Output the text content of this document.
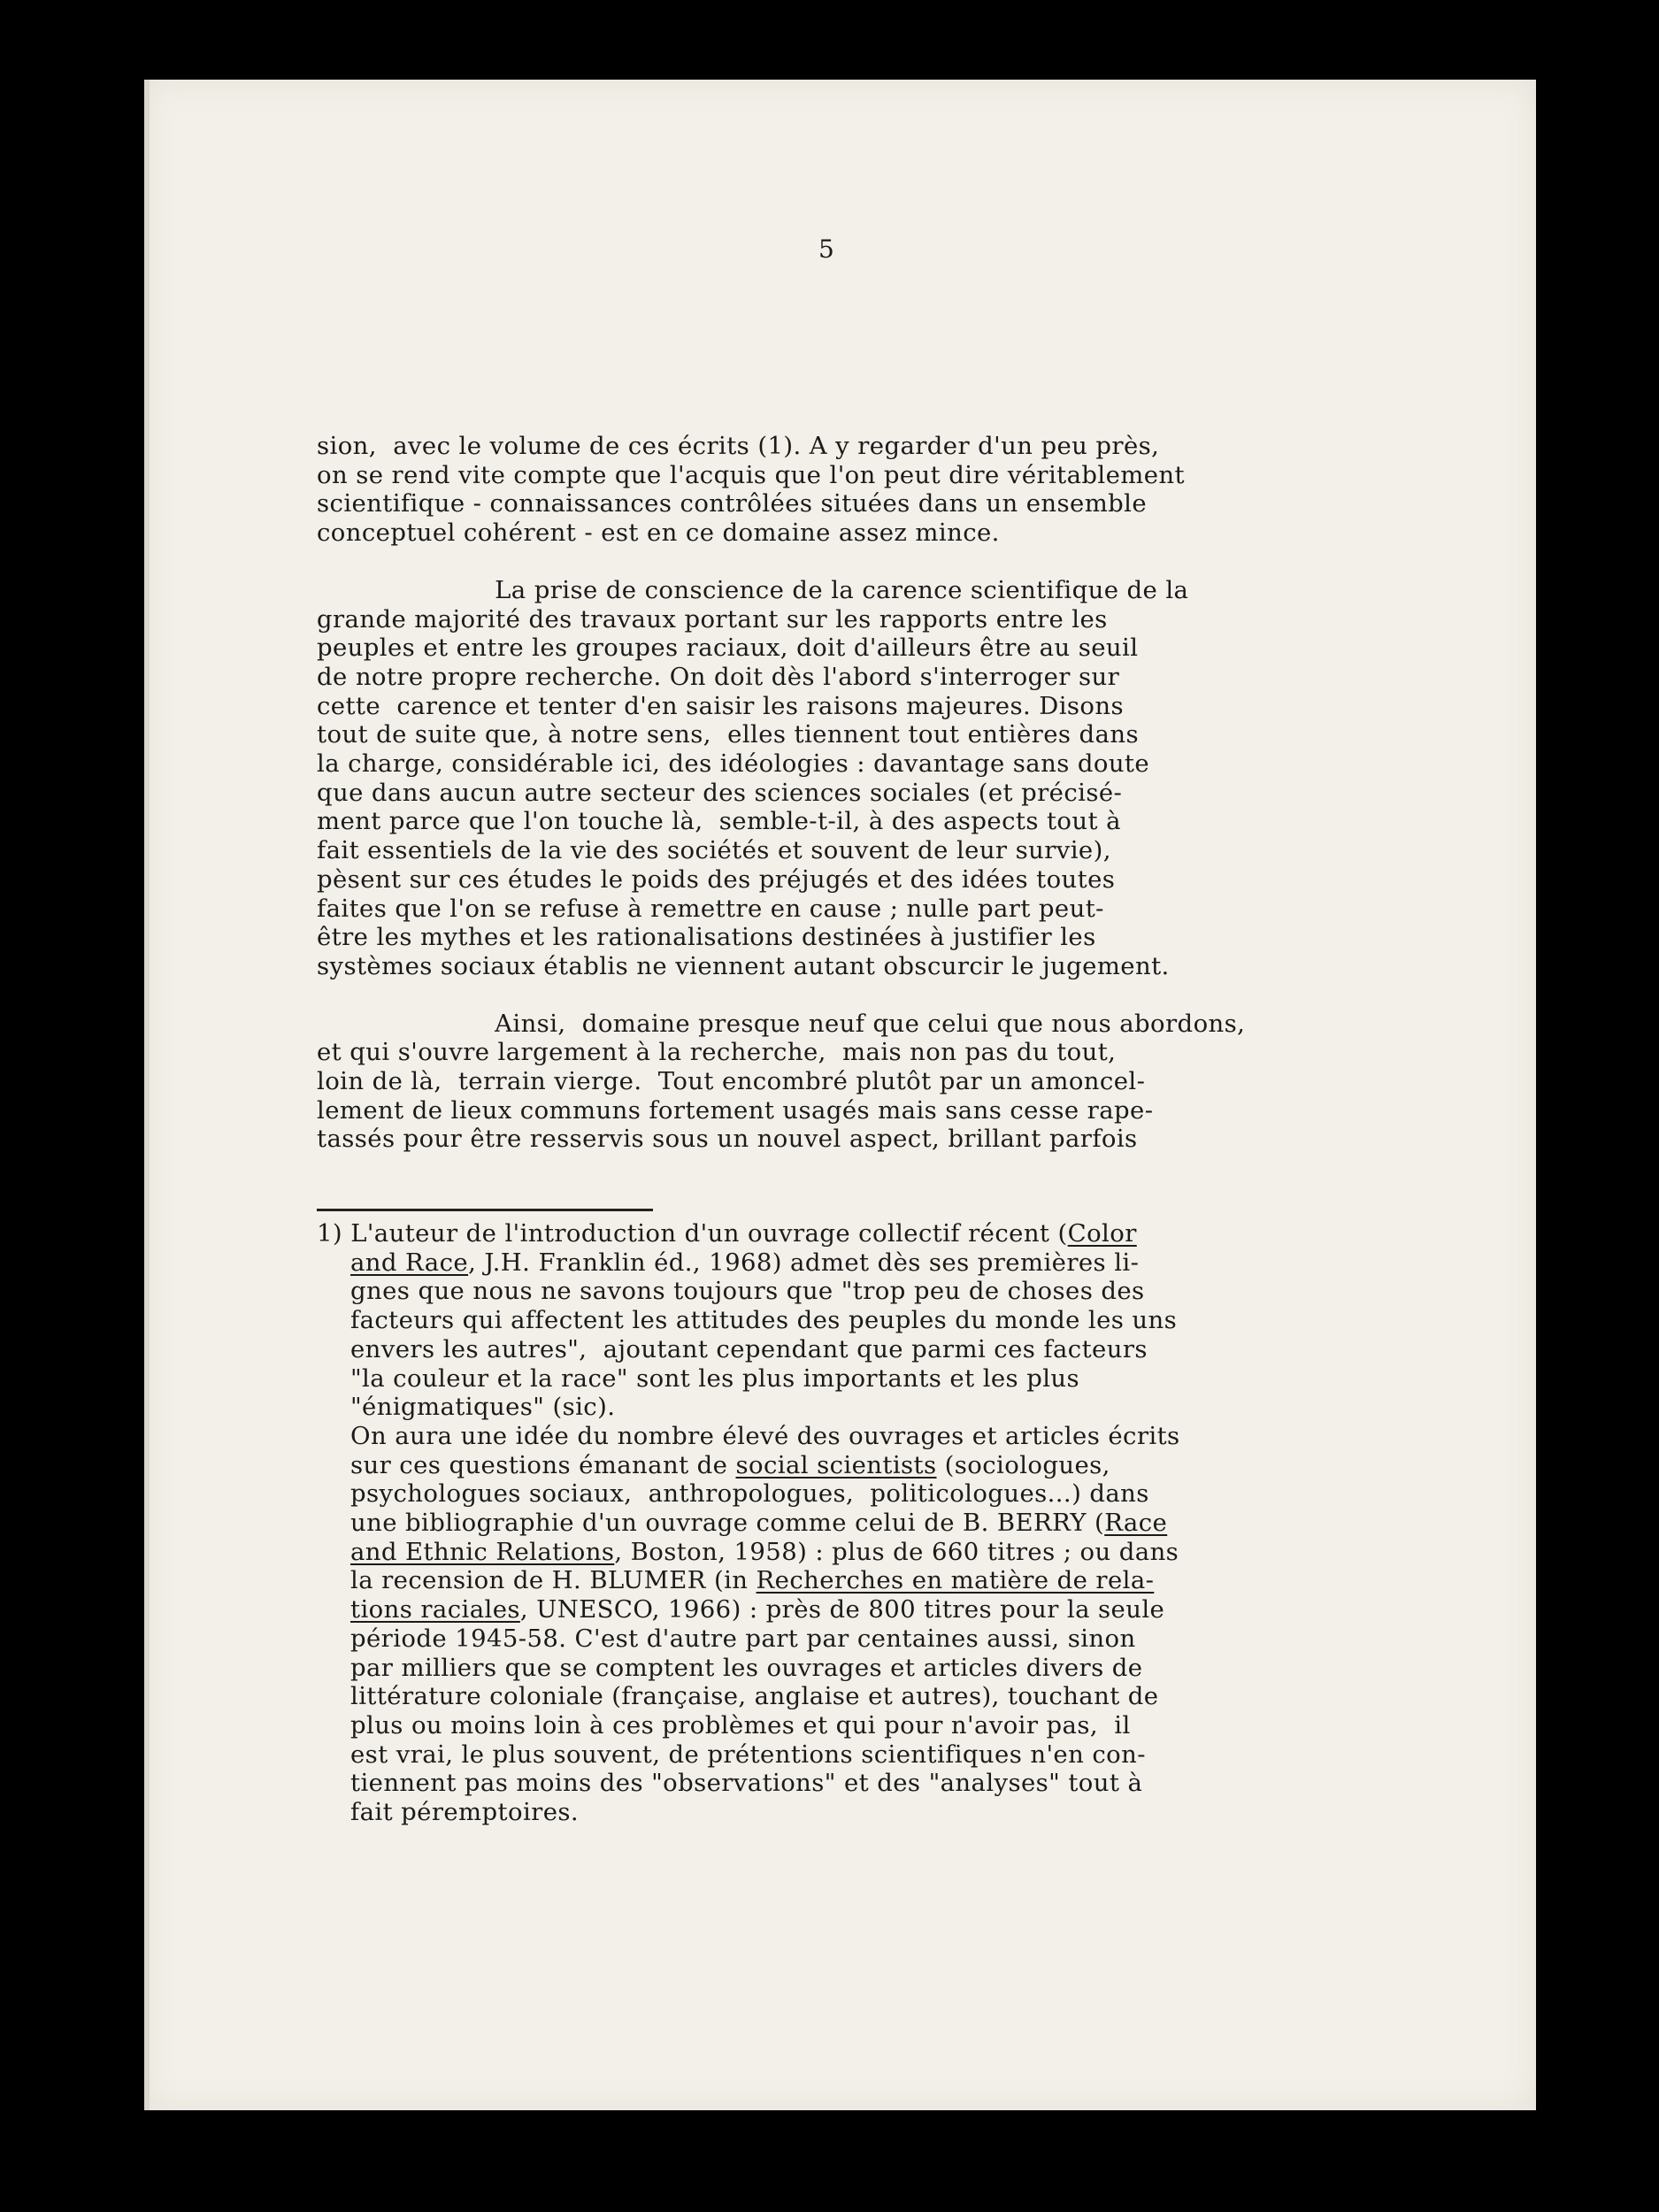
5
sion,  avec le volume de ces écrits (1). A y regarder d'un peu près,
on se rend vite compte que l'acquis que l'on peut dire véritablement
scientifique - connaissances contrôlées situées dans un ensemble
conceptuel cohérent - est en ce domaine assez mince.
La prise de conscience de la carence scientifique de la
grande majorité des travaux portant sur les rapports entre les
peuples et entre les groupes raciaux, doit d'ailleurs être au seuil
de notre propre recherche. On doit dès l'abord s'interroger sur
cette  carence et tenter d'en saisir les raisons majeures. Disons
tout de suite que, à notre sens,  elles tiennent tout entières dans
la charge, considérable ici, des idéologies : davantage sans doute
que dans aucun autre secteur des sciences sociales (et précisé-
ment parce que l'on touche là,  semble-t-il, à des aspects tout à
fait essentiels de la vie des sociétés et souvent de leur survie),
pèsent sur ces études le poids des préjugés et des idées toutes
faites que l'on se refuse à remettre en cause ; nulle part peut-
être les mythes et les rationalisations destinées à justifier les
systèmes sociaux établis ne viennent autant obscurcir le jugement.
Ainsi,  domaine presque neuf que celui que nous abordons,
et qui s'ouvre largement à la recherche,  mais non pas du tout,
loin de là,  terrain vierge.  Tout encombré plutôt par un amoncel-
lement de lieux communs fortement usagés mais sans cesse rape-
tassés pour être resservis sous un nouvel aspect, brillant parfois
1) L'auteur de l'introduction d'un ouvrage collectif récent (Color
and Race, J.H. Franklin éd., 1968) admet dès ses premières li-
gnes que nous ne savons toujours que "trop peu de choses des
facteurs qui affectent les attitudes des peuples du monde les uns
envers les autres",  ajoutant cependant que parmi ces facteurs
"la couleur et la race" sont les plus importants et les plus
"énigmatiques" (sic).
On aura une idée du nombre élevé des ouvrages et articles écrits
sur ces questions émanant de social scientists (sociologues,
psychologues sociaux,  anthropologues,  politicologues...) dans
une bibliographie d'un ouvrage comme celui de B. BERRY (Race
and Ethnic Relations, Boston, 1958) : plus de 660 titres ; ou dans
la recension de H. BLUMER (in Recherches en matière de rela-
tions raciales, UNESCO, 1966) : près de 800 titres pour la seule
période 1945-58. C'est d'autre part par centaines aussi, sinon
par milliers que se comptent les ouvrages et articles divers de
littérature coloniale (française, anglaise et autres), touchant de
plus ou moins loin à ces problèmes et qui pour n'avoir pas,  il
est vrai, le plus souvent, de prétentions scientifiques n'en con-
tiennent pas moins des "observations" et des "analyses" tout à
fait péremptoires.
